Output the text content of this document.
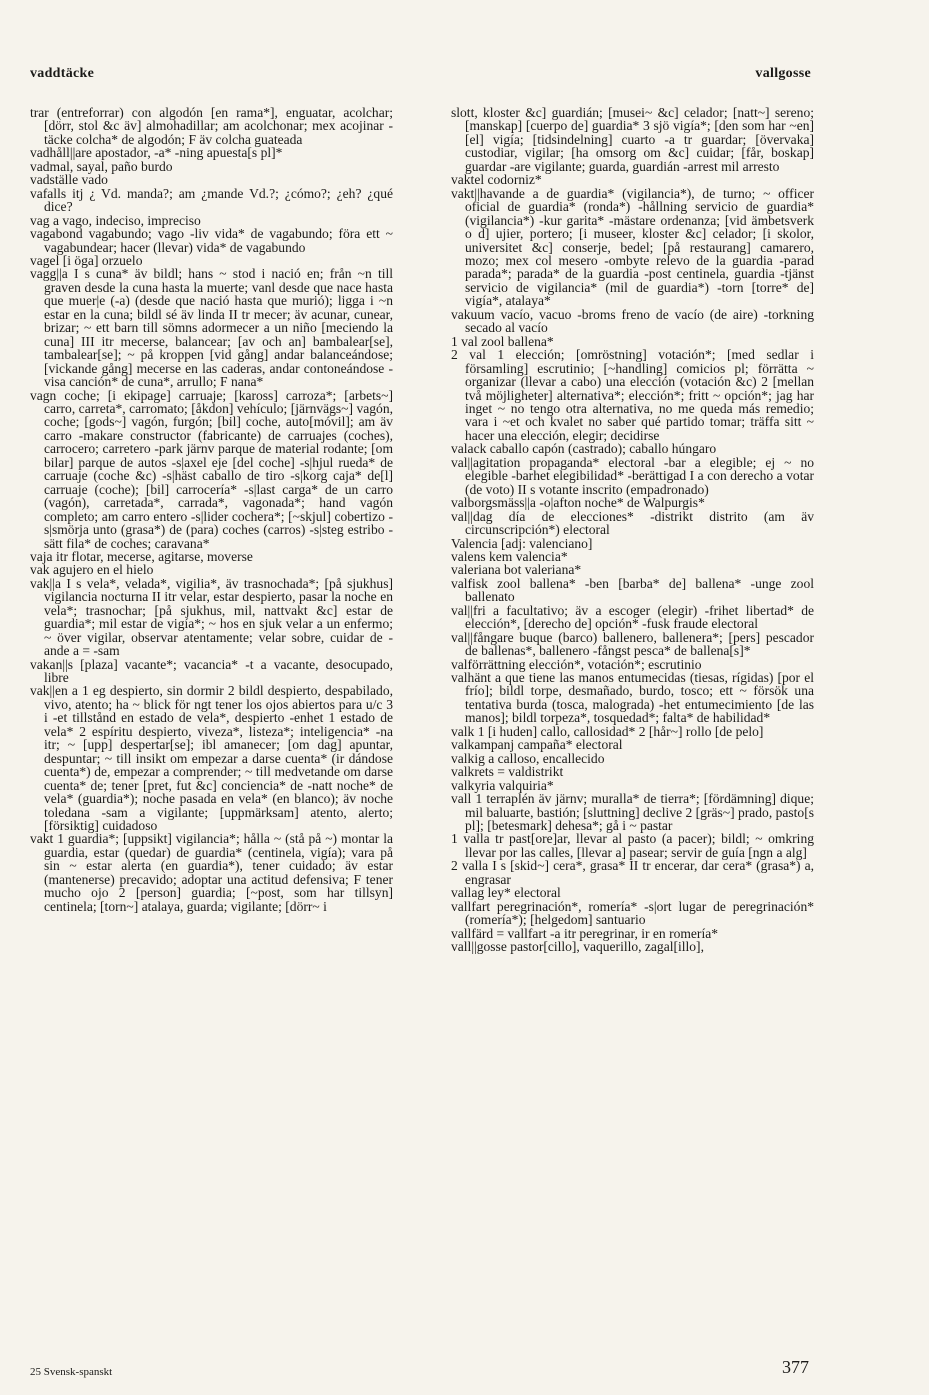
vaddtäcke	vallgosse

trar (entreforrar) con algodón [en rama*], enguatar, acolchar; [dörr, stol &c äv] almohadillar; am acolchonar; mex acojinar -täcke colcha* de algodón; F äv colcha guateada

vadhåll||are apostador, -a* -ning apuesta[s pl]*

vadmal, sayal, paño burdo

vadställe vado

vafalls itj ¿ Vd. manda?; am ¿mande Vd.?; ¿cómo?; ¿eh? ¿qué dice?

vag a vago, indeciso, impreciso

vagabond vagabundo; vago -liv vida* de vagabundo; föra ett ~ vagabundear; hacer (llevar) vida* de vagabundo

vagel [i öga] orzuelo

vagg||a I s cuna* äv bildl; hans ~ stod i nació en; från ~n till graven desde la cuna hasta la muerte; vanl desde que nace hasta que muer|e (-a) (desde que nació hasta que murió); ligga i ~n estar en la cuna; bildl sé äv linda II tr mecer; äv acunar, cunear, brizar; ~ ett barn till sömns adormecer a un niño [meciendo la cuna] III itr mecerse, balancear; [av och an] bambalear[se], tambalear[se]; ~ på kroppen [vid gång] andar balanceándose; [vickande gång] mecerse en las caderas, andar contoneándose -visa canción* de cuna*, arrullo; F nana*

vagn coche; [i ekipage] carruaje; [kaross] carroza*; [arbets~] carro, carreta*, carromato; [åkdon] vehículo; [järnvägs~] vagón, coche; [gods~] vagón, furgón; [bil] coche, auto[móvil]; am äv carro -makare constructor (fabricante) de carruajes (coches), carrocero; carretero -park järnv parque de material rodante; [om bilar] parque de autos -s|axel eje [del coche] -s|hjul rueda* de carruaje (coche &c) -s|häst caballo de tiro -s|korg caja* de[l] carruaje (coche); [bil] carrocería* -s|last carga* de un carro (vagón), carretada*, carrada*, vagonada*; hand vagón completo; am carro entero -s|lider cochera*; [~skjul] cobertizo -s|smörja unto (grasa*) de (para) coches (carros) -s|steg estribo -sätt fila* de coches; caravana*

vaja itr flotar, mecerse, agitarse, moverse

vak agujero en el hielo

vak||a I s vela*, velada*, vigilia*, äv trasnochada*; [på sjukhus] vigilancia nocturna II itr velar, estar despierto, pasar la noche en vela*; trasnochar; [på sjukhus, mil, nattvakt &c] estar de guardia*; mil estar de vigía*; ~ hos en sjuk velar a un enfermo; ~ över vigilar, observar atentamente; velar sobre, cuidar de -ande a = -sam

vakan||s [plaza] vacante*; vacancia* -t a vacante, desocupado, libre

vak||en a 1 eg despierto, sin dormir 2 bildl despierto, despabilado, vivo, atento; ha ~ blick för ngt tener los ojos abiertos para u/c 3 i -et tillstånd en estado de vela*, despierto -enhet 1 estado de vela* 2 espíritu despierto, viveza*, listeza*; inteligencia* -na itr; ~ [upp] despertar[se]; ibl amanecer; [om dag] apuntar, despuntar; ~ till insikt om empezar a darse cuenta* (ir dándose cuenta*) de, empezar a comprender; ~ till medvetande om darse cuenta* de; tener [pret, fut &c] conciencia* de -natt noche* de vela* (guardia*); noche pasada en vela* (en blanco); äv noche toledana -sam a vigilante; [uppmärksam] atento, alerto; [försiktig] cuidadoso

vakt 1 guardia*; [uppsikt] vigilancia*; hålla ~ (stå på ~) montar la guardia, estar (quedar) de guardia* (centinela, vigía); vara på sin ~ estar alerta (en guardia*), tener cuidado; äv estar (mantenerse) precavido; adoptar una actitud defensiva; F tener mucho ojo 2 [person] guardia; [~post, som har tillsyn] centinela; [torn~] atalaya, guarda; vigilante; [dörr~ i

slott, kloster &c] guardián; [musei~ &c] celador; [natt~] sereno; [manskap] [cuerpo de] guardia* 3 sjö vigía*; [den som har ~en] [el] vigía; [tidsindelning] cuarto -a tr guardar; [övervaka] custodiar, vigilar; [ha omsorg om &c] cuidar; [får, boskap] guardar -are vigilante; guarda, guardián -arrest mil arresto

vaktel codorniz*

vakt||havande a de guardia* (vigilancia*), de turno; ~ officer oficial de guardia* (ronda*) -hållning servicio de guardia* (vigilancia*) -kur garita* -mästare ordenanza; [vid ämbetsverk o d] ujier, portero; [i museer, kloster &c] celador; [i skolor, universitet &c] conserje, bedel; [på restaurang] camarero, mozo; mex col mesero -ombyte relevo de la guardia -parad parada*; parada* de la guardia -post centinela, guardia -tjänst servicio de vigilancia* (mil de guardia*) -torn [torre* de] vigía*, atalaya*

vakuum vacío, vacuo -broms freno de vacío (de aire) -torkning secado al vacío

1 val zool ballena*

2 val 1 elección; [omröstning] votación*; [med sedlar i församling] escrutinio; [~handling] comicios pl; förrätta ~ organizar (llevar a cabo) una elección (votación &c) 2 [mellan två möjligheter] alternativa*; elección*; fritt ~ opción*; jag har inget ~ no tengo otra alternativa, no me queda más remedio; vara i ~et och kvalet no saber qué partido tomar; träffa sitt ~ hacer una elección, elegir; decidirse

valack caballo capón (castrado); caballo húngaro

val||agitation propaganda* electoral -bar a elegible; ej ~ no elegible -barhet elegibilidad* -berättigad I a con derecho a votar (de voto) II s votante inscrito (empadronado)

valborgsmäss||a -o|afton noche* de Walpurgis*

val||dag día de elecciones* -distrikt distrito (am äv circunscripción*) electoral

Valencia [adj: valenciano]

valens kem valencia*

valeriana bot valeriana*

valfisk zool ballena* -ben [barba* de] ballena* -unge zool ballenato

val||fri a facultativo; äv a escoger (elegir) -frihet libertad* de elección*, [derecho de] opción* -fusk fraude electoral

val||fångare buque (barco) ballenero, ballenera*; [pers] pescador de ballenas*, ballenero -fångst pesca* de ballena[s]*

valförrättning elección*, votación*; escrutinio

valhänt a que tiene las manos entumecidas (tiesas, rígidas) [por el frío]; bildl torpe, desmañado, burdo, tosco; ett ~ försök una tentativa burda (tosca, malograda) -het entumecimiento [de las manos]; bildl torpeza*, tosquedad*; falta* de habilidad*

valk 1 [i huden] callo, callosidad* 2 [hår~] rollo [de pelo]

valkampanj campaña* electoral

valkig a calloso, encallecido

valkrets = valdistrikt

valkyria valquiria*

vall 1 terraplén äv järnv; muralla* de tierra*; [fördämning] dique; mil baluarte, bastión; [sluttning] declive 2 [gräs~] prado, pasto[s pl]; [betesmark] dehesa*; gå i ~ pastar

1 valla tr past[ore]ar, llevar al pasto (a pacer); bildl; ~ omkring llevar por las calles, [llevar a] pasear; servir de guía [ngn a alg]

2 valla I s [skid~] cera*, grasa* II tr encerar, dar cera* (grasa*) a, engrasar

vallag ley* electoral

vallfart peregrinación*, romería* -s|ort lugar de peregrinación* (romería*); [helgedom] santuario

vallfärd = vallfart -a itr peregrinar, ir en romería*

vall||gosse pastor[cillo], vaquerillo, zagal[illo],

25 Svensk-spanskt	377
